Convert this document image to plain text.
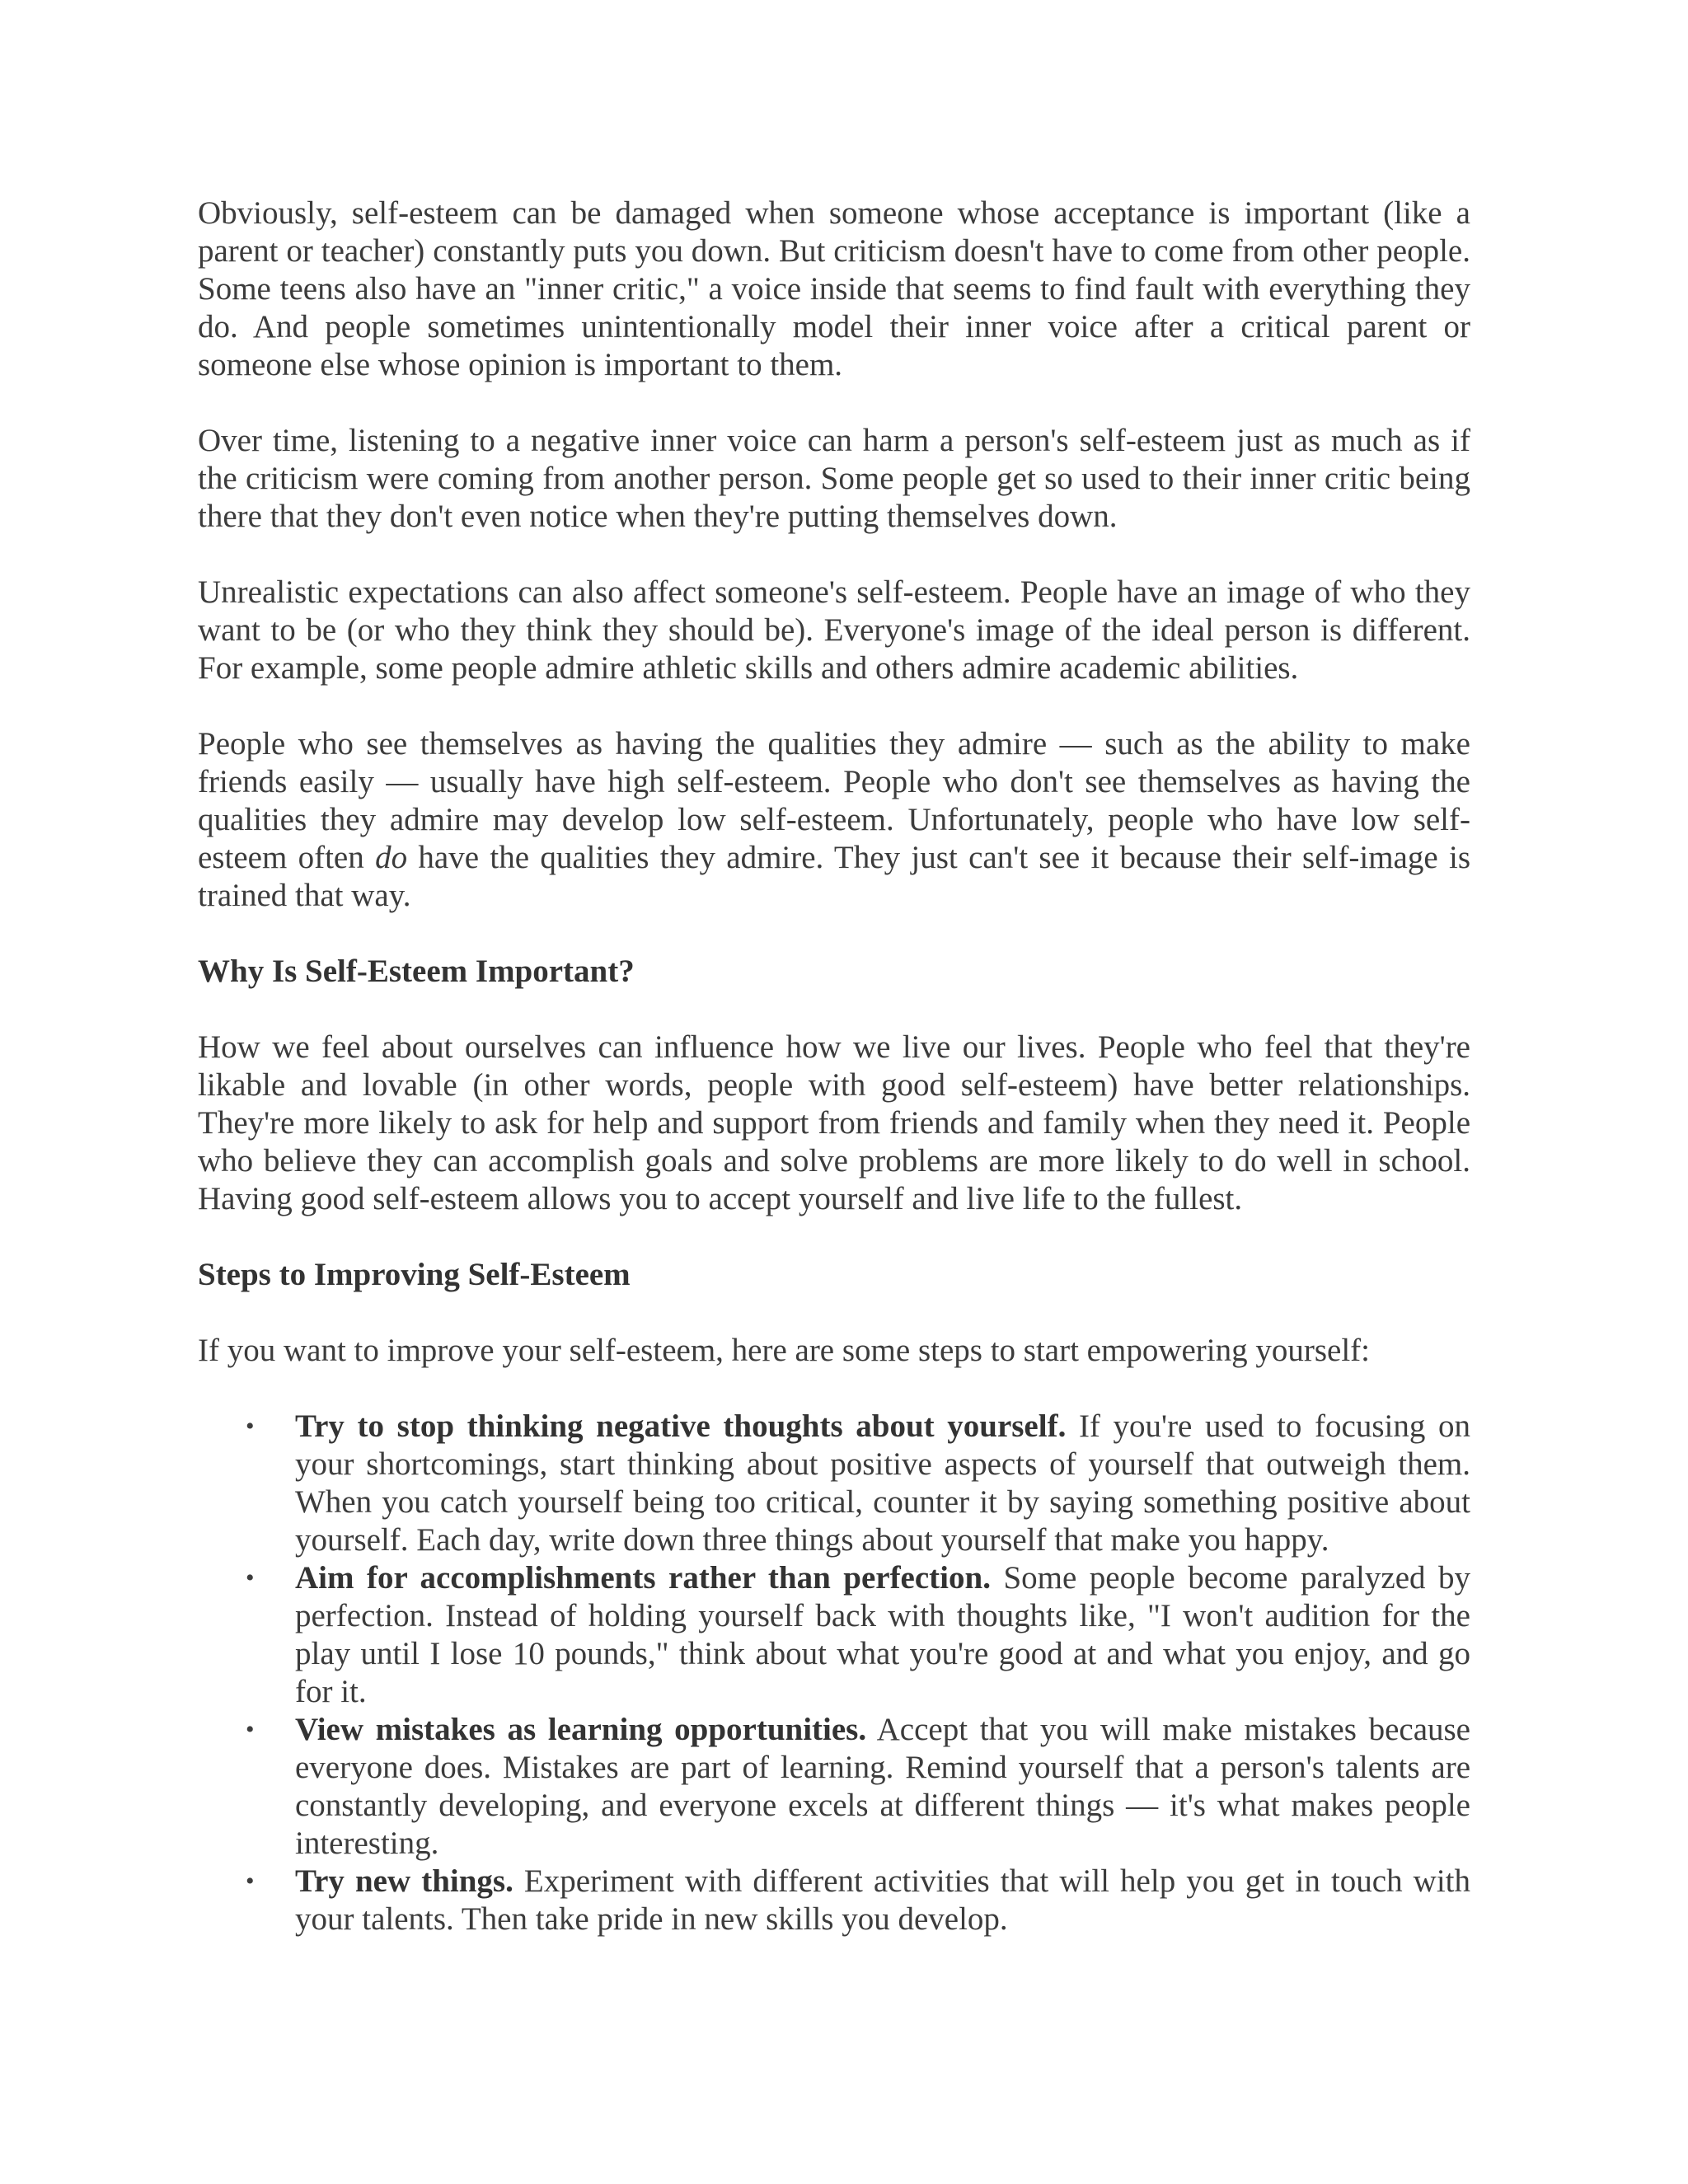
Obviously, self-esteem can be damaged when someone whose acceptance is important (like a parent or teacher) constantly puts you down. But criticism doesn't have to come from other people. Some teens also have an "inner critic," a voice inside that seems to find fault with everything they do. And people sometimes unintentionally model their inner voice after a critical parent or someone else whose opinion is important to them.

Over time, listening to a negative inner voice can harm a person's self-esteem just as much as if the criticism were coming from another person. Some people get so used to their inner critic being there that they don't even notice when they're putting themselves down.

Unrealistic expectations can also affect someone's self-esteem. People have an image of who they want to be (or who they think they should be). Everyone's image of the ideal person is different. For example, some people admire athletic skills and others admire academic abilities.

People who see themselves as having the qualities they admire — such as the ability to make friends easily — usually have high self-esteem. People who don't see themselves as having the qualities they admire may develop low self-esteem. Unfortunately, people who have low self-esteem often do have the qualities they admire. They just can't see it because their self-image is trained that way.

Why Is Self-Esteem Important?

How we feel about ourselves can influence how we live our lives. People who feel that they're likable and lovable (in other words, people with good self-esteem) have better relationships. They're more likely to ask for help and support from friends and family when they need it. People who believe they can accomplish goals and solve problems are more likely to do well in school. Having good self-esteem allows you to accept yourself and live life to the fullest.

Steps to Improving Self-Esteem

If you want to improve your self-esteem, here are some steps to start empowering yourself:

• Try to stop thinking negative thoughts about yourself. If you're used to focusing on your shortcomings, start thinking about positive aspects of yourself that outweigh them. When you catch yourself being too critical, counter it by saying something positive about yourself. Each day, write down three things about yourself that make you happy.
• Aim for accomplishments rather than perfection. Some people become paralyzed by perfection. Instead of holding yourself back with thoughts like, "I won't audition for the play until I lose 10 pounds," think about what you're good at and what you enjoy, and go for it.
• View mistakes as learning opportunities. Accept that you will make mistakes because everyone does. Mistakes are part of learning. Remind yourself that a person's talents are constantly developing, and everyone excels at different things — it's what makes people interesting.
• Try new things. Experiment with different activities that will help you get in touch with your talents. Then take pride in new skills you develop.
